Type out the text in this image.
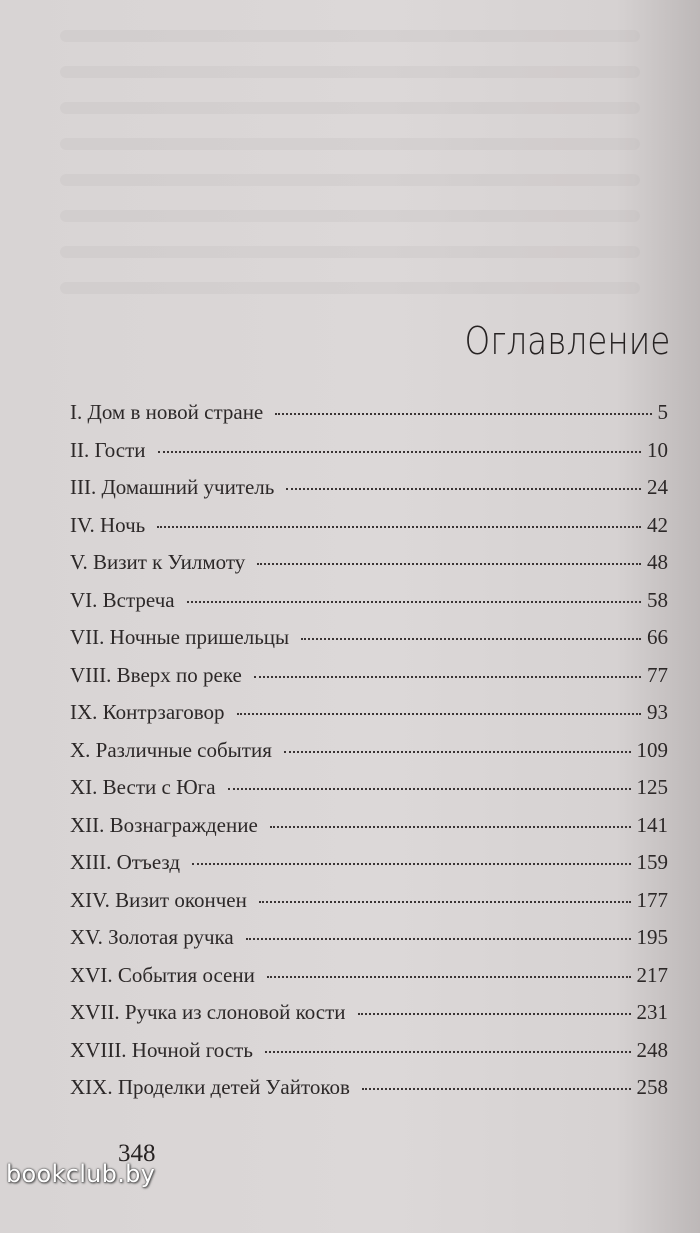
Оглавление
I. Дом в новой стране	5
II. Гости	10
III. Домашний учитель	24
IV. Ночь	42
V. Визит к Уилмоту	48
VI. Встреча	58
VII. Ночные пришельцы	66
VIII. Вверх по реке	77
IX. Контрзаговор	93
X. Различные события	109
XI. Вести с Юга	125
XII. Вознаграждение	141
XIII. Отъезд	159
XIV. Визит окончен	177
XV. Золотая ручка	195
XVI. События осени	217
XVII. Ручка из слоновой кости	231
XVIII. Ночной гость	248
XIX. Проделки детей Уайтоков	258
348
bookclub.by
